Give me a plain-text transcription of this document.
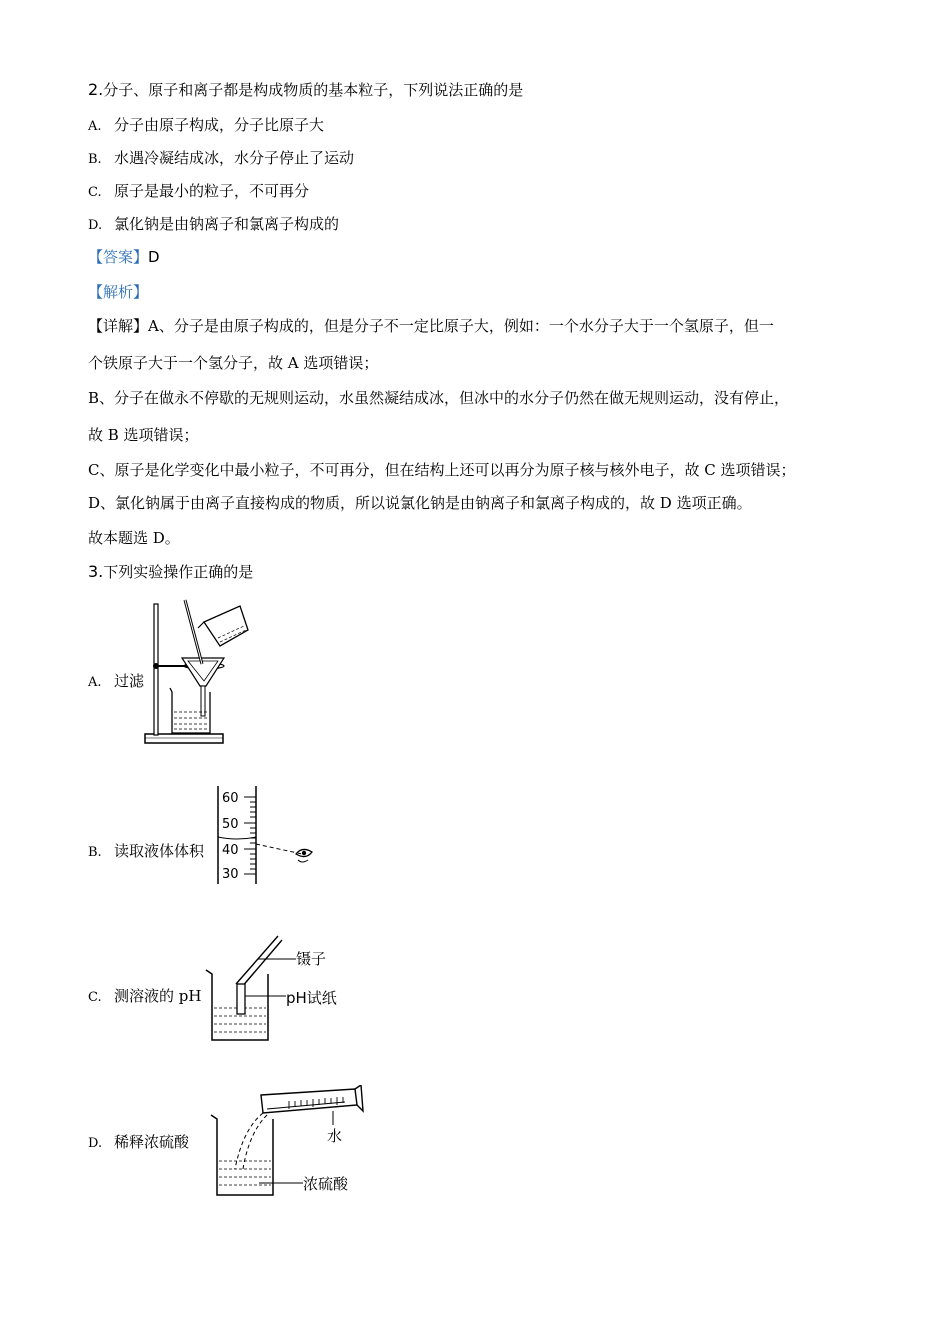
2.分子、原子和离子都是构成物质的基本粒子，下列说法正确的是
A. 分子由原子构成，分子比原子大
B. 水遇冷凝结成冰，水分子停止了运动
C. 原子是最小的粒子，不可再分
D. 氯化钠是由钠离子和氯离子构成的
【答案】D
【解析】
【详解】A、分子是由原子构成的，但是分子不一定比原子大，例如：一个水分子大于一个氢原子，但一
个铁原子大于一个氢分子，故 A 选项错误；
B、分子在做永不停歇的无规则运动，水虽然凝结成冰，但冰中的水分子仍然在做无规则运动，没有停止，
故 B 选项错误；
C、原子是化学变化中最小粒子，不可再分，但在结构上还可以再分为原子核与核外电子，故 C 选项错误；
D、氯化钠属于由离子直接构成的物质，所以说氯化钠是由钠离子和氯离子构成的，故 D 选项正确。
故本题选 D。
3.下列实验操作正确的是
A. 过滤
B. 读取液体体积
60
50
40
30
C. 测溶液的 pH
镊子
pH试纸
D. 稀释浓硫酸	水
浓硫酸
